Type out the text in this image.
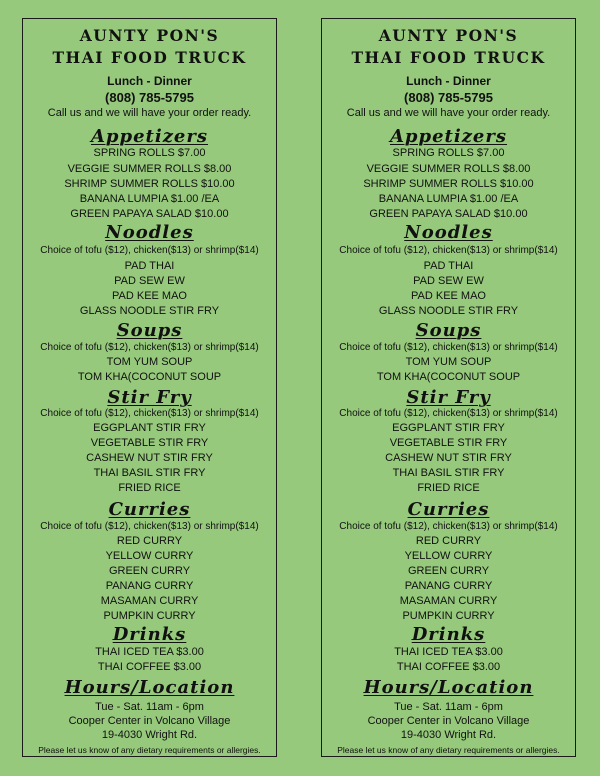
AUNTY PON'S
THAI FOOD TRUCK
Lunch - Dinner
(808) 785-5795
Call us and we will have your order ready.
Appetizers
SPRING ROLLS $7.00
VEGGIE SUMMER ROLLS $8.00
SHRIMP SUMMER ROLLS $10.00
BANANA LUMPIA $1.00 /EA
GREEN PAPAYA SALAD $10.00
Noodles
Choice of tofu ($12), chicken($13) or shrimp($14)
PAD THAI
PAD SEW EW
PAD KEE MAO
GLASS NOODLE STIR FRY
Soups
Choice of tofu ($12), chicken($13) or shrimp($14)
TOM YUM SOUP
TOM KHA(COCONUT SOUP
Stir Fry
Choice of tofu ($12), chicken($13) or shrimp($14)
EGGPLANT STIR FRY
VEGETABLE STIR FRY
CASHEW NUT STIR FRY
THAI BASIL STIR FRY
FRIED RICE
Curries
Choice of tofu ($12), chicken($13) or shrimp($14)
RED CURRY
YELLOW CURRY
GREEN CURRY
PANANG CURRY
MASAMAN CURRY
PUMPKIN CURRY
Drinks
THAI ICED TEA $3.00
THAI COFFEE $3.00
Hours/Location
Tue - Sat. 11am - 6pm
Cooper Center in Volcano Village
19-4030 Wright Rd.
Please let us know of any dietary requirements or allergies.
AUNTY PON'S
THAI FOOD TRUCK
Lunch - Dinner
(808) 785-5795
Call us and we will have your order ready.
Appetizers
SPRING ROLLS $7.00
VEGGIE SUMMER ROLLS $8.00
SHRIMP SUMMER ROLLS $10.00
BANANA LUMPIA $1.00 /EA
GREEN PAPAYA SALAD $10.00
Noodles
Choice of tofu ($12), chicken($13) or shrimp($14)
PAD THAI
PAD SEW EW
PAD KEE MAO
GLASS NOODLE STIR FRY
Soups
Choice of tofu ($12), chicken($13) or shrimp($14)
TOM YUM SOUP
TOM KHA(COCONUT SOUP
Stir Fry
Choice of tofu ($12), chicken($13) or shrimp($14)
EGGPLANT STIR FRY
VEGETABLE STIR FRY
CASHEW NUT STIR FRY
THAI BASIL STIR FRY
FRIED RICE
Curries
Choice of tofu ($12), chicken($13) or shrimp($14)
RED CURRY
YELLOW CURRY
GREEN CURRY
PANANG CURRY
MASAMAN CURRY
PUMPKIN CURRY
Drinks
THAI ICED TEA $3.00
THAI COFFEE $3.00
Hours/Location
Tue - Sat. 11am - 6pm
Cooper Center in Volcano Village
19-4030 Wright Rd.
Please let us know of any dietary requirements or allergies.
